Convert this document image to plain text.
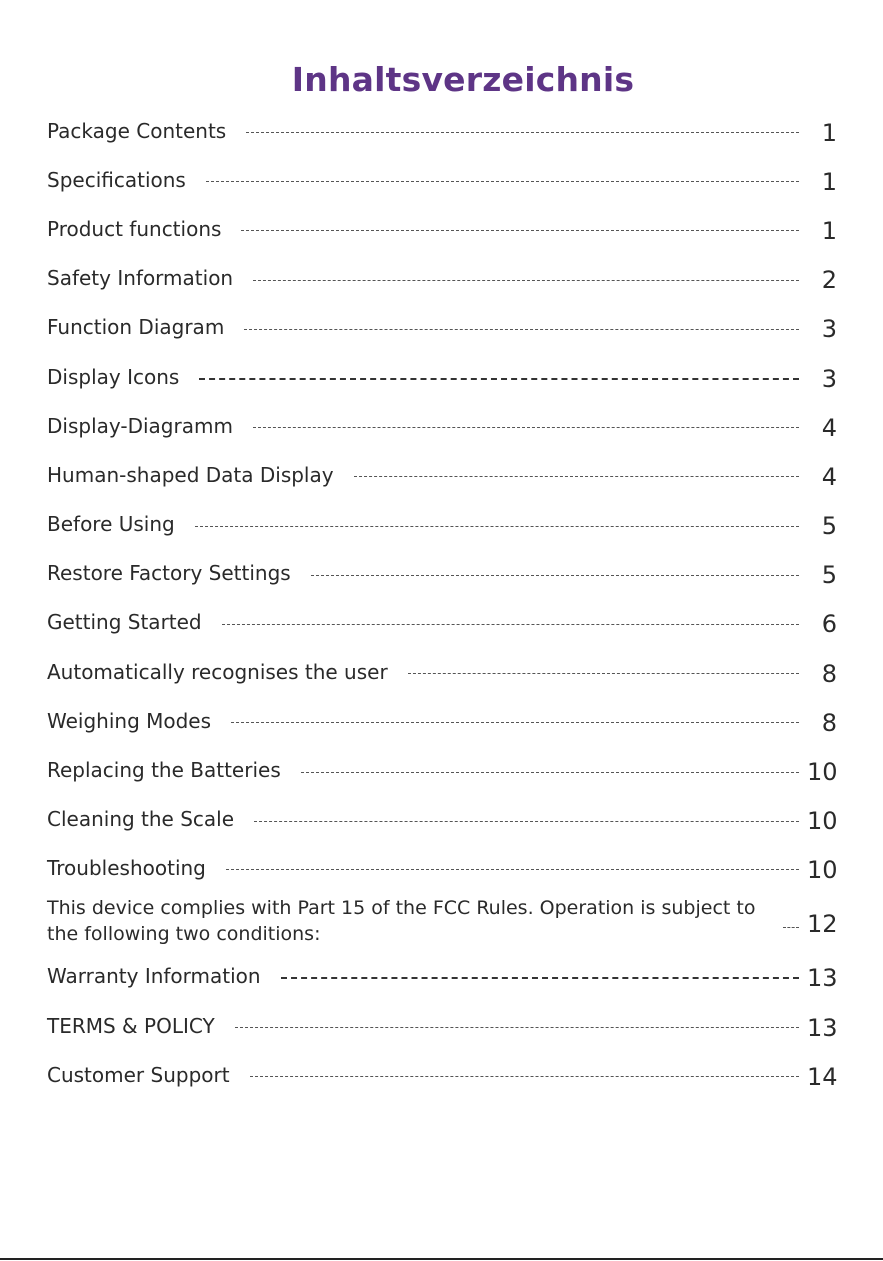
Inhaltsverzeichnis
Package Contents	1
Specifications	1
Product functions	1
Safety Information	2
Function Diagram	3
Display Icons	3
Display-Diagramm	4
Human-shaped Data Display	4
Before Using	5
Restore Factory Settings	5
Getting Started	6
Automatically recognises the user	8
Weighing Modes	8
Replacing the Batteries	10
Cleaning the Scale	10
Troubleshooting	10
This device complies with Part 15 of the FCC Rules. Operation is subject to the following two conditions:	12
Warranty Information	13
TERMS & POLICY	13
Customer Support	14
